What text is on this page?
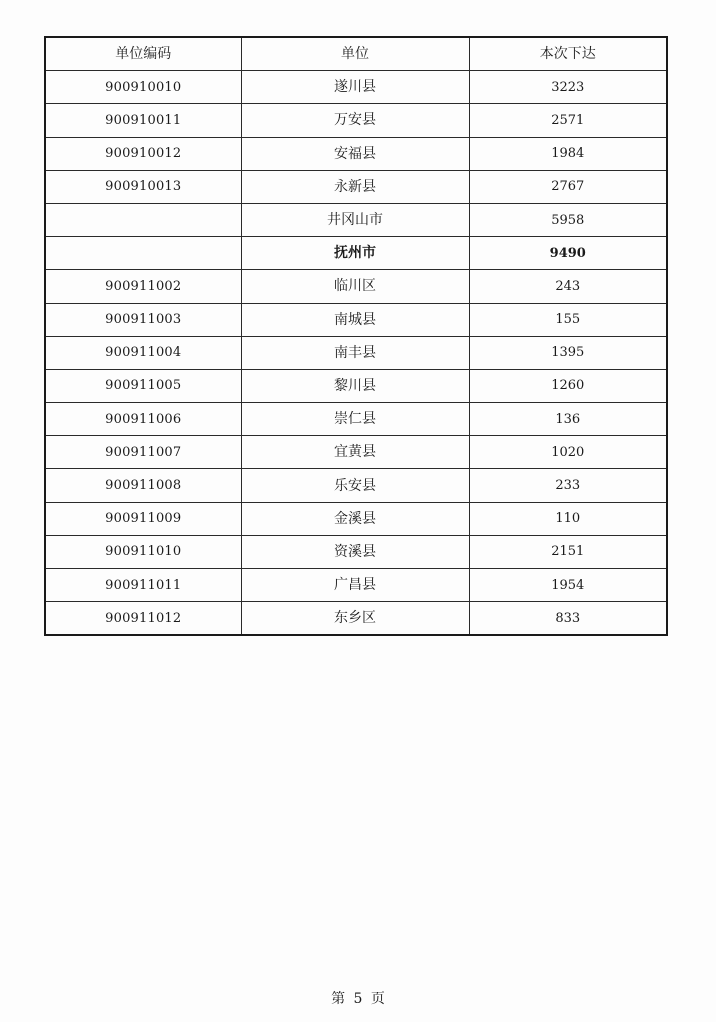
单位编码	单位	本次下达
900910010	遂川县	3223
900910011	万安县	2571
900910012	安福县	1984
900910013	永新县	2767
	井冈山市	5958
	抚州市	9490
900911002	临川区	243
900911003	南城县	155
900911004	南丰县	1395
900911005	黎川县	1260
900911006	崇仁县	136
900911007	宜黄县	1020
900911008	乐安县	233
900911009	金溪县	110
900911010	资溪县	2151
900911011	广昌县	1954
900911012	东乡区	833
第 5 页
